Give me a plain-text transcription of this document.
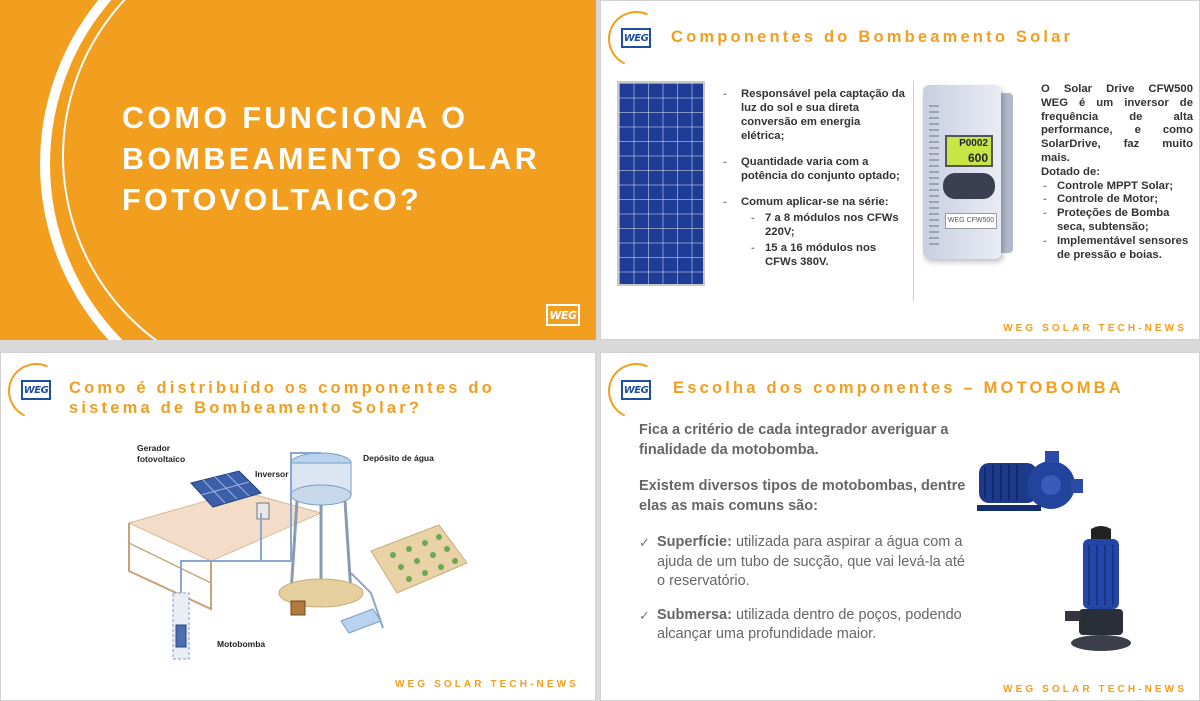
COMO FUNCIONA O
BOMBEAMENTO SOLAR
FOTOVOLTAICO?
WEG
WEG Componentes do Bombeamento Solar
- Responsável pela captação da luz do sol e sua direta conversão em energia elétrica;
- Quantidade varia com a potência do conjunto optado;
- Comum aplicar-se na série:
- 7 a 8 módulos nos CFWs 220V;
- 15 a 16 módulos nos CFWs 380V.
P0002
600
WEG CFW500
O Solar Drive CFW500
WEG é um inversor de
frequência de alta
performance, e como
SolarDrive, faz muito
mais.
Dotado de:
- Controle MPPT Solar;
- Controle de Motor;
- Proteções de Bomba seca, subtensão;
- Implementável sensores de pressão e boias.
WEG SOLAR TECH-NEWS
WEG Como é distribuído os componentes do
sistema de Bombeamento Solar?
Gerador
fotovoltaico
Inversor
Depósito de água
Motobomba
WEG SOLAR TECH-NEWS
WEG Escolha dos componentes – MOTOBOMBA
Fica a critério de cada integrador averiguar a finalidade da motobomba.
Existem diversos tipos de motobombas, dentre elas as mais comuns são:
✓ Superfície: utilizada para aspirar a água com a ajuda de um tubo de sucção, que vai levá-la até o reservatório.
✓ Submersa: utilizada dentro de poços, podendo alcançar uma profundidade maior.
WEG SOLAR TECH-NEWS
